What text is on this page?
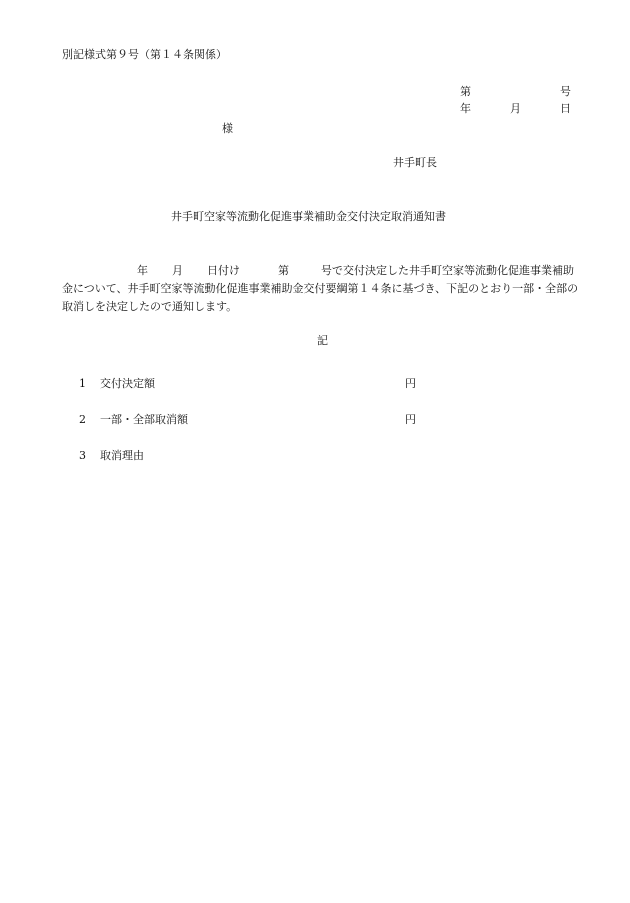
別記様式第９号（第１４条関係）
第	号
年	月	日
様
井手町長
井手町空家等流動化促進事業補助金交付決定取消通知書
年 月 日付け	第	号で交付決定した井手町空家等流動化促進事業補助金について、井手町空家等流動化促進事業補助金交付要綱第１４条に基づき、下記のとおり一部・全部の取消しを決定したので通知します。
記
1 交付決定額	円
2 一部・全部取消額	円
3 取消理由
